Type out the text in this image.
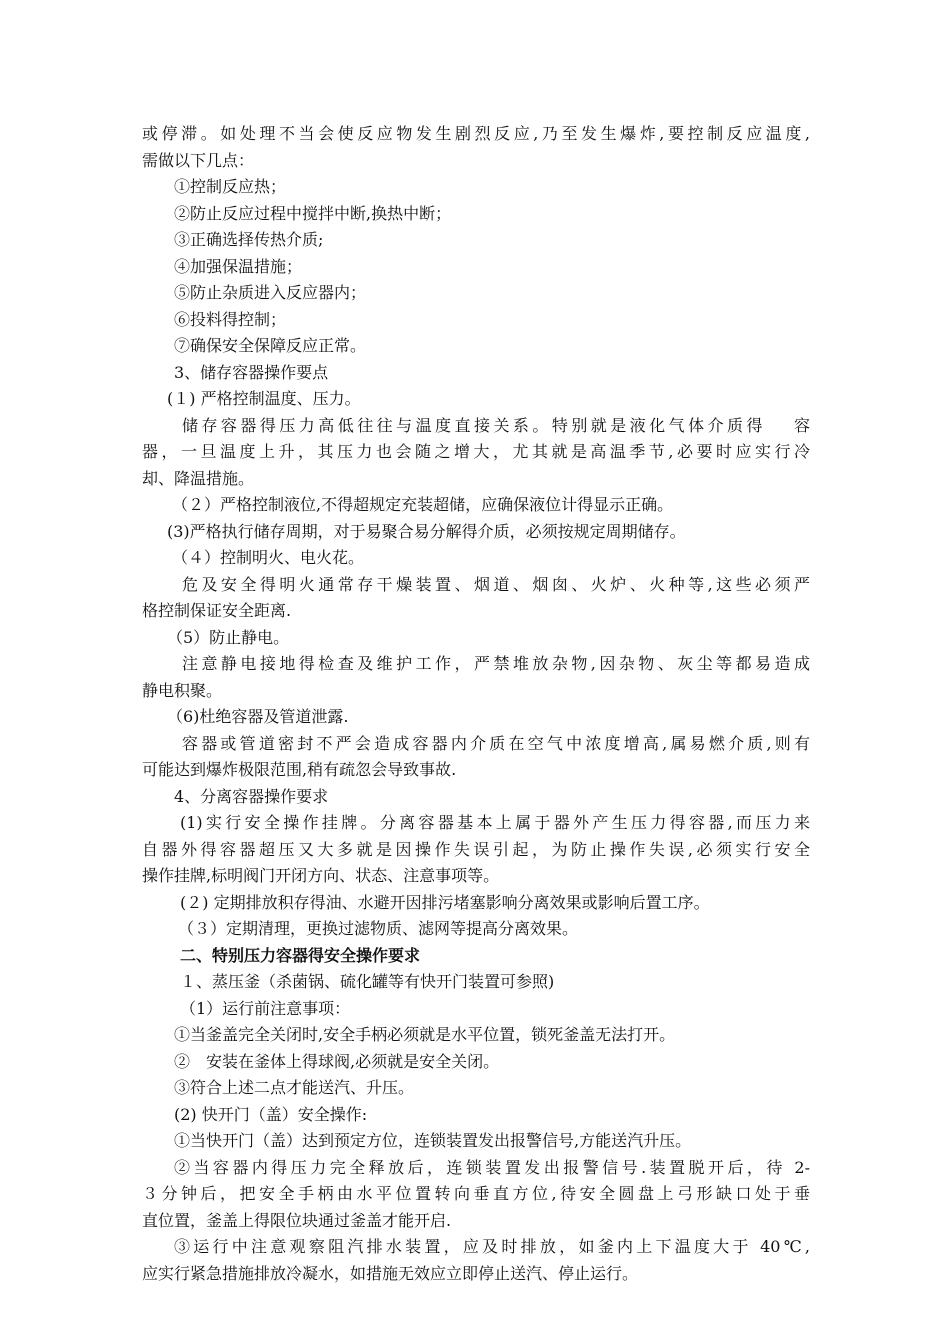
或停滞。如处理不当会使反应物发生剧烈反应,乃至发生爆炸,要控制反应温度,
需做以下几点：
①控制反应热；
②防止反应过程中搅拌中断,换热中断；
③正确选择传热介质;
④加强保温措施；
⑤防止杂质进入反应器内；
⑥投料得控制；
⑦确保安全保障反应正常。
3、储存容器操作要点
(１) 严格控制温度、压力。
储存容器得压力高低往往与温度直接关系。特别就是液化气体介质得　 容
器，一旦温度上升，其压力也会随之增大，尤其就是高温季节,必要时应实行冷
却、降温措施。
（２）严格控制液位,不得超规定充装超储，应确保液位计得显示正确。
(3)严格执行储存周期，对于易聚合易分解得介质，必须按规定周期储存。
（４）控制明火、电火花。
危及安全得明火通常存干燥装置、烟道、烟囱、火炉、火种等,这些必须严
格控制保证安全距离.
（5）防止静电。
注意静电接地得检查及维护工作，严禁堆放杂物,因杂物、灰尘等都易造成
静电积聚。
（6)杜绝容器及管道泄露.
容器或管道密封不严会造成容器内介质在空气中浓度增高,属易燃介质,则有
可能达到爆炸极限范围,稍有疏忽会导致事故.
4、分离容器操作要求
(1)实行安全操作挂牌。分离容器基本上属于器外产生压力得容器,而压力来
自器外得容器超压又大多就是因操作失误引起，为防止操作失误,必须实行安全
操作挂牌,标明阀门开闭方向、状态、注意事项等。
(２) 定期排放积存得油、水避开因排污堵塞影响分离效果或影响后置工序。
（３）定期清理，更换过滤物质、滤网等提高分离效果。
二、特别压力容器得安全操作要求
１、蒸压釜（杀菌锅、硫化罐等有快开门装置可参照)
（1）运行前注意事项：
①当釜盖完全关闭时,安全手柄必须就是水平位置，锁死釜盖无法打开。
②　安装在釜体上得球阀,必须就是安全关闭。
③符合上述二点才能送汽、升压。
(2) 快开门（盖）安全操作:
①当快开门（盖）达到预定方位，连锁装置发出报警信号,方能送汽升压。
②当容器内得压力完全释放后，连锁装置发出报警信号.装置脱开后，待 2-
３分钟后，把安全手柄由水平位置转向垂直方位,待安全圆盘上弓形缺口处于垂
直位置，釜盖上得限位块通过釜盖才能开启.
③运行中注意观察阻汽排水装置，应及时排放，如釜内上下温度大于 40℃,
应实行紧急措施排放冷凝水，如措施无效应立即停止送汽、停止运行。
